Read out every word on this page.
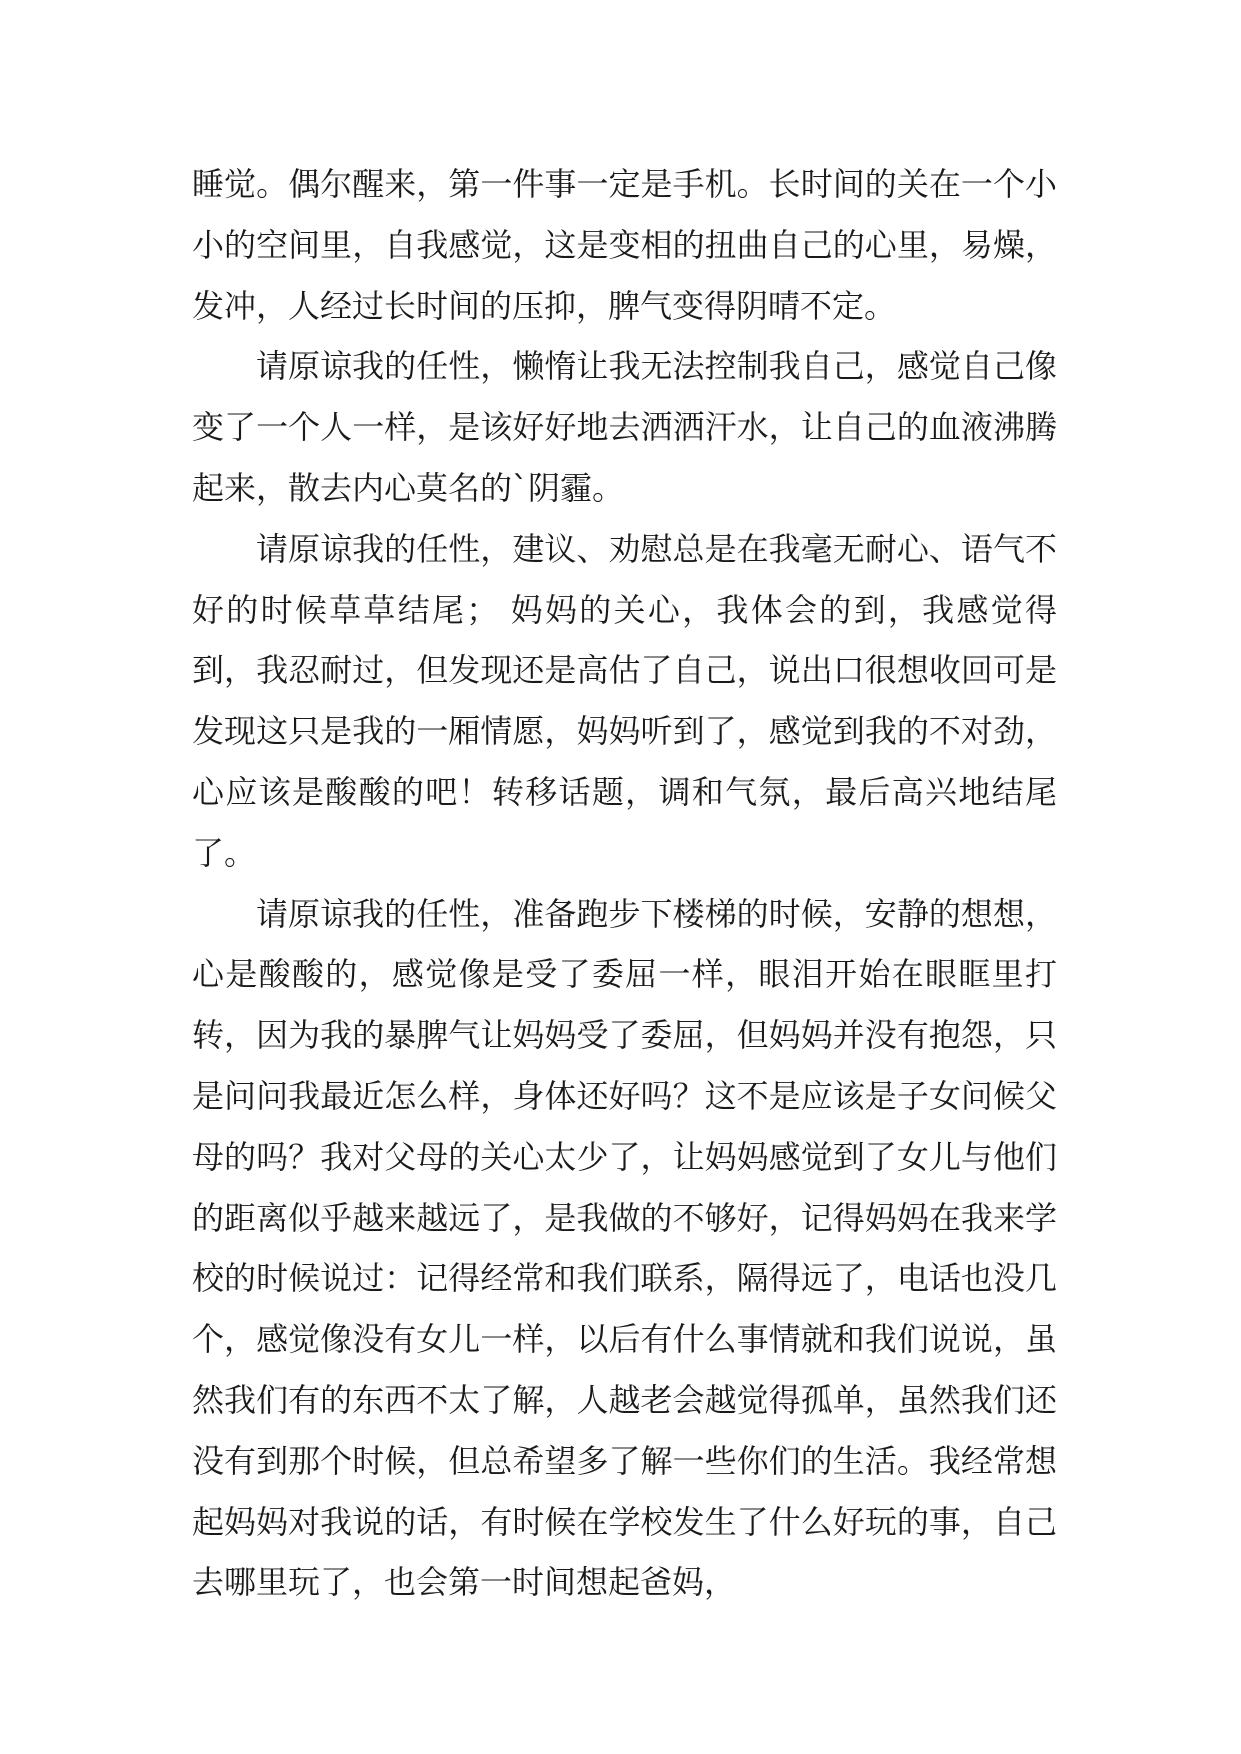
睡觉。偶尔醒来，第一件事一定是手机。长时间的关在一个小小的空间里，自我感觉，这是变相的扭曲自己的心里，易燥，发冲，人经过长时间的压抑，脾气变得阴晴不定。

请原谅我的任性，懒惰让我无法控制我自己，感觉自己像变了一个人一样，是该好好地去洒洒汗水，让自己的血液沸腾起来，散去内心莫名的`阴霾。

请原谅我的任性，建议、劝慰总是在我毫无耐心、语气不好的时候草草结尾； 妈妈的关心，我体会的到，我感觉得到，我忍耐过，但发现还是高估了自己，说出口很想收回可是发现这只是我的一厢情愿，妈妈听到了，感觉到我的不对劲，心应该是酸酸的吧！转移话题，调和气氛，最后高兴地结尾了。

请原谅我的任性，准备跑步下楼梯的时候，安静的想想，心是酸酸的，感觉像是受了委屈一样，眼泪开始在眼眶里打转，因为我的暴脾气让妈妈受了委屈，但妈妈并没有抱怨，只是问问我最近怎么样，身体还好吗？这不是应该是子女问候父母的吗？我对父母的关心太少了，让妈妈感觉到了女儿与他们的距离似乎越来越远了，是我做的不够好，记得妈妈在我来学校的时候说过：记得经常和我们联系，隔得远了，电话也没几个，感觉像没有女儿一样，以后有什么事情就和我们说说，虽然我们有的东西不太了解，人越老会越觉得孤单，虽然我们还没有到那个时候，但总希望多了解一些你们的生活。我经常想起妈妈对我说的话，有时候在学校发生了什么好玩的事，自己去哪里玩了，也会第一时间想起爸妈，
